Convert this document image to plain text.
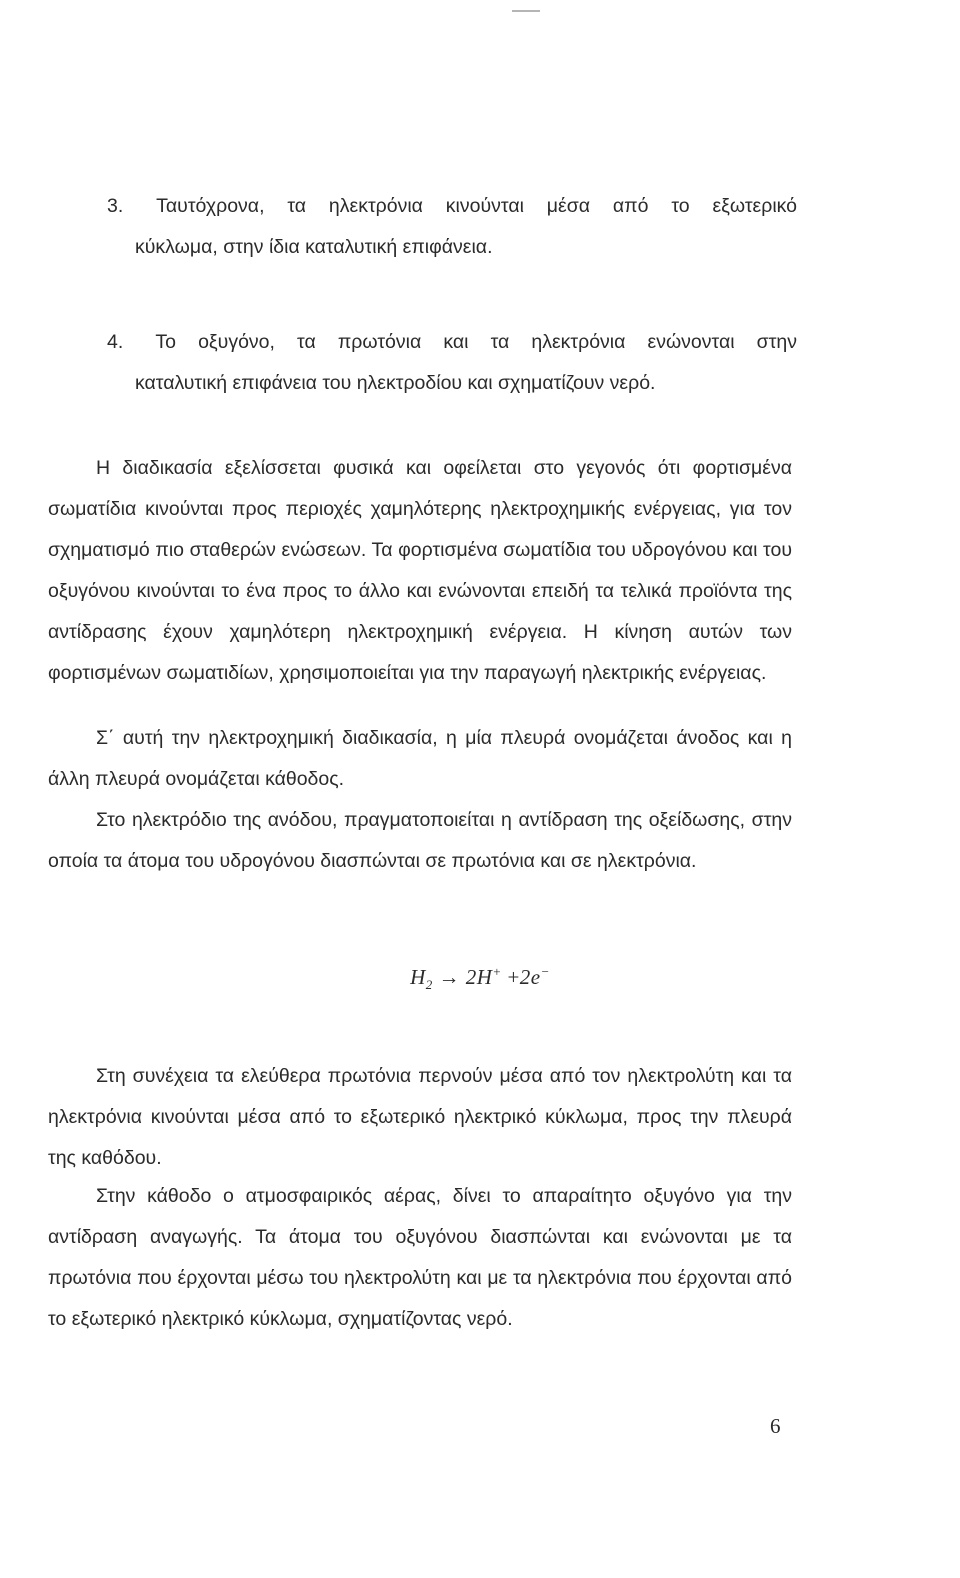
3. Ταυτόχρονα, τα ηλεκτρόνια κινούνται μέσα από το εξωτερικό
κύκλωμα, στην ίδια καταλυτική επιφάνεια.
4. Το οξυγόνο, τα πρωτόνια και τα ηλεκτρόνια ενώνονται στην
καταλυτική επιφάνεια του ηλεκτροδίου και σχηματίζουν νερό.

Η διαδικασία εξελίσσεται φυσικά και οφείλεται στο γεγονός ότι φορτισμένα σωματίδια κινούνται προς περιοχές χαμηλότερης ηλεκτροχημικής ενέργειας, για τον σχηματισμό πιο σταθερών ενώσεων. Τα φορτισμένα σωματίδια του υδρογόνου και του οξυγόνου κινούνται το ένα προς το άλλο και ενώνονται επειδή τα τελικά προϊόντα της αντίδρασης έχουν χαμηλότερη ηλεκτροχημική ενέργεια. Η κίνηση αυτών των φορτισμένων σωματιδίων, χρησιμοποιείται για την παραγωγή ηλεκτρικής ενέργειας.

Σ΄ αυτή την ηλεκτροχημική διαδικασία, η μία πλευρά ονομάζεται άνοδος και η άλλη πλευρά ονομάζεται κάθοδος.

Στο ηλεκτρόδιο της ανόδου, πραγματοποιείται η αντίδραση της οξείδωσης, στην οποία τα άτομα του υδρογόνου διασπώνται σε πρωτόνια και σε ηλεκτρόνια.

$H_2 \to 2H^+ +2e^-$

Στη συνέχεια τα ελεύθερα πρωτόνια περνούν μέσα από τον ηλεκτρολύτη και τα ηλεκτρόνια κινούνται μέσα από το εξωτερικό ηλεκτρικό κύκλωμα, προς την πλευρά της καθόδου.

Στην κάθοδο ο ατμοσφαιρικός αέρας, δίνει το απαραίτητο οξυγόνο για την αντίδραση αναγωγής. Τα άτομα του οξυγόνου διασπώνται και ενώνονται με τα πρωτόνια που έρχονται μέσω του ηλεκτρολύτη και με τα ηλεκτρόνια που έρχονται από το εξωτερικό ηλεκτρικό κύκλωμα, σχηματίζοντας νερό.

6
